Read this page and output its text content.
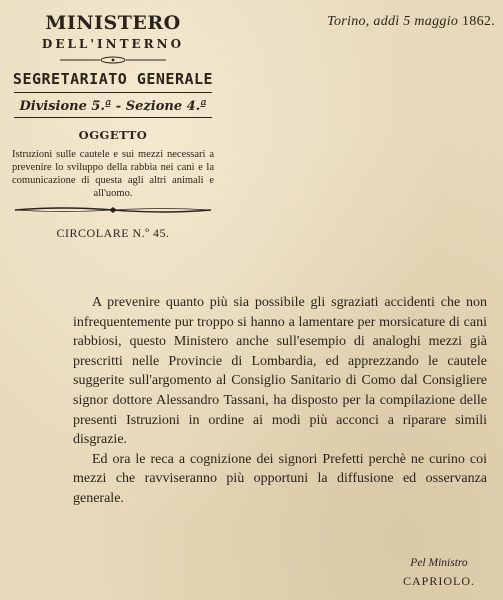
MINISTERO
DELL'INTERNO
SEGRETARIATO GENERALE
Divisione 5.ª - Sezione 4.ª
OGGETTO
Istruzioni sulle cautele e sui mezzi necessari a prevenire lo sviluppo della rabbia nei cani e la comunicazione di questa agli altri animali e all'uomo.
CIRCOLARE N.º 45.
Torino, addì 5 maggio 1862.

A prevenire quanto più sia possibile gli sgraziati accidenti che non infrequentemente pur troppo si hanno a lamentare per morsicature di cani rabbiosi, questo Ministero anche sull'esempio di analoghi mezzi già prescritti nelle Provincie di Lombardia, ed apprezzando le cautele suggerite sull'argomento al Consiglio Sanitario di Como dal Consigliere signor dottore Alessandro Tassani, ha disposto per la compilazione delle presenti Istruzioni in ordine ai modi più acconci a riparare simili disgrazie.

Ed ora le reca a cognizione dei signori Prefetti perchè ne curino coi mezzi che ravviseranno più opportuni la diffusione ed osservanza generale.

Pel Ministro
CAPRIOLO.
